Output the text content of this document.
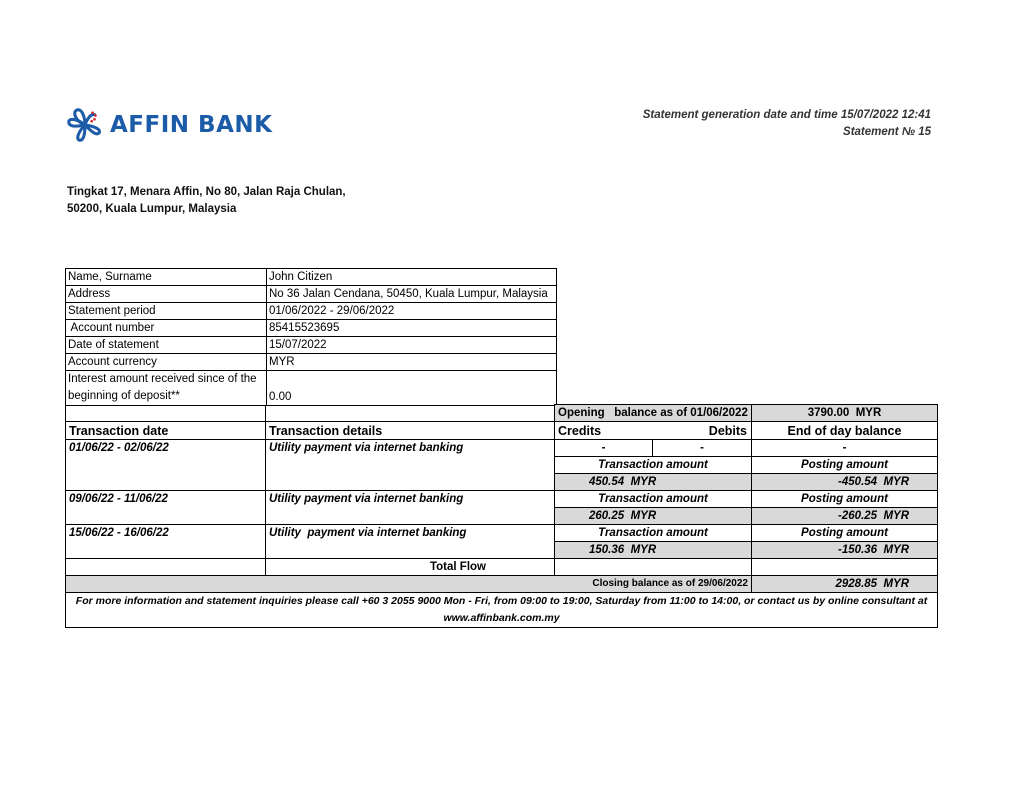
AFFIN BANK	Statement generation date and time 15/07/2022 12:41
Statement № 15
Tingkat 17, Menara Affin, No 80, Jalan Raja Chulan,
50200, Kuala Lumpur, Malaysia
Name, Surname	John Citizen
Address	No 36 Jalan Cendana, 50450, Kuala Lumpur, Malaysia
Statement period	01/06/2022 - 29/06/2022
Account number	85415523695
Date of statement	15/07/2022
Account currency	MYR
Interest amount received since of the beginning of deposit**	0.00
		Opening   balance as of 01/06/2022		3790.00  MYR
Transaction date	Transaction details	Credits	Debits	End of day balance
01/06/22 - 02/06/22	Utility payment via internet banking	-	-	-
		Transaction amount		Posting amount
		450.54  MYR		-450.54  MYR
09/06/22 - 11/06/22	Utility payment via internet banking	Transaction amount		Posting amount
		260.25  MYR		-260.25  MYR
15/06/22 - 16/06/22	Utility  payment via internet banking	Transaction amount		Posting amount
		150.36  MYR		-150.36  MYR
	Total Flow			
Closing balance as of 29/06/2022				2928.85  MYR
For more information and statement inquiries please call +60 3 2055 9000 Mon - Fri, from 09:00 to 19:00, Saturday from 11:00 to 14:00, or contact us by online consultant at www.affinbank.com.my				
